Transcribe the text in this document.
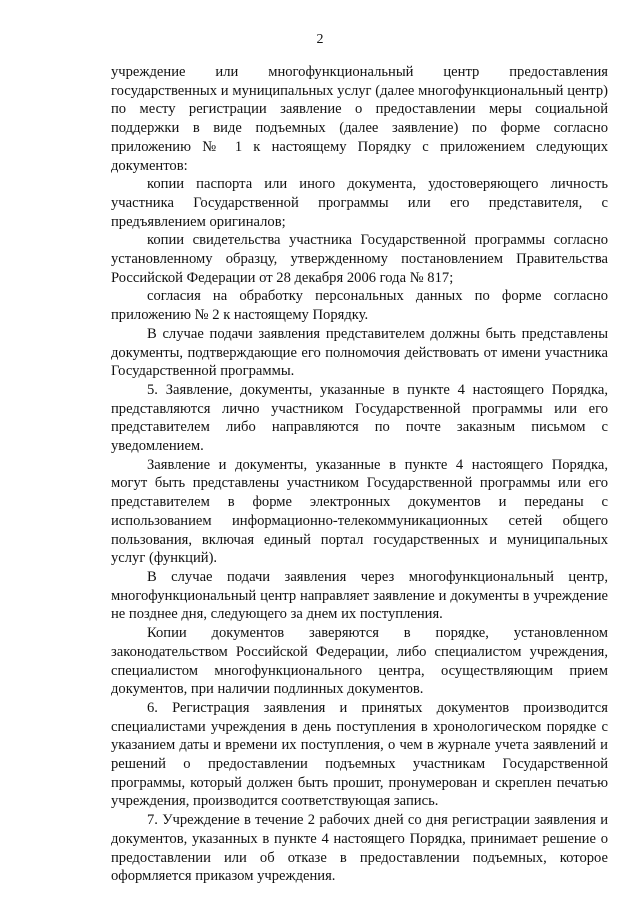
2

учреждение или многофункциональный центр предоставления государственных и муниципальных услуг (далее многофункциональный центр) по месту регистрации заявление о предоставлении меры социальной поддержки в виде подъемных (далее заявление) по форме согласно приложению № 1 к настоящему Порядку с приложением следующих документов:

копии паспорта или иного документа, удостоверяющего личность участника Государственной программы или его представителя, с предъявлением оригиналов;

копии свидетельства участника Государственной программы согласно установленному образцу, утвержденному постановлением Правительства Российской Федерации от 28 декабря 2006 года № 817;

согласия на обработку персональных данных по форме согласно приложению № 2 к настоящему Порядку.

В случае подачи заявления представителем должны быть представлены документы, подтверждающие его полномочия действовать от имени участника Государственной программы.

5. Заявление, документы, указанные в пункте 4 настоящего Порядка, представляются лично участником Государственной программы или его представителем либо направляются по почте заказным письмом с уведомлением.

Заявление и документы, указанные в пункте 4 настоящего Порядка, могут быть представлены участником Государственной программы или его представителем в форме электронных документов и переданы с использованием информационно-телекоммуникационных сетей общего пользования, включая единый портал государственных и муниципальных услуг (функций).

В случае подачи заявления через многофункциональный центр, многофункциональный центр направляет заявление и документы в учреждение не позднее дня, следующего за днем их поступления.

Копии документов заверяются в порядке, установленном законодательством Российской Федерации, либо специалистом учреждения, специалистом многофункционального центра, осуществляющим прием документов, при наличии подлинных документов.

6. Регистрация заявления и принятых документов производится специалистами учреждения в день поступления в хронологическом порядке с указанием даты и времени их поступления, о чем в журнале учета заявлений и решений о предоставлении подъемных участникам Государственной программы, который должен быть прошит, пронумерован и скреплен печатью учреждения, производится соответствующая запись.

7. Учреждение в течение 2 рабочих дней со дня регистрации заявления и документов, указанных в пункте 4 настоящего Порядка, принимает решение о предоставлении или об отказе в предоставлении подъемных, которое оформляется приказом учреждения.
